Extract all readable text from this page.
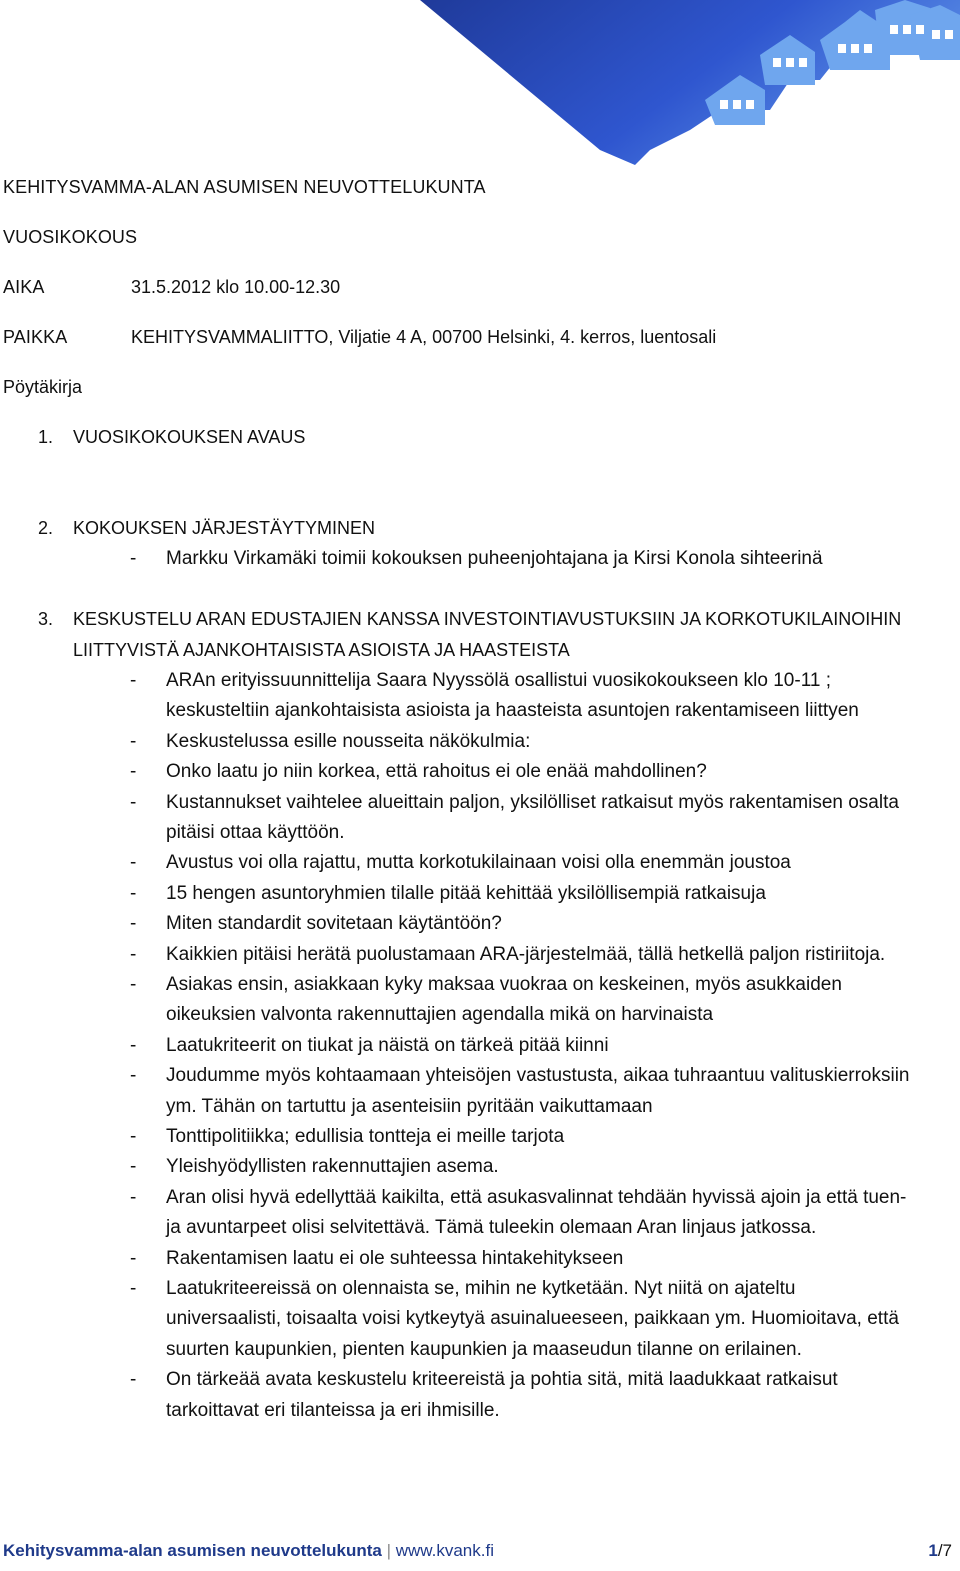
KEHITYSVAMMA-ALAN ASUMISEN NEUVOTTELUKUNTA
VUOSIKOKOUS
AIKA	31.5.2012 klo 10.00-12.30
PAIKKA	KEHITYSVAMMALIITTO, Viljatie 4 A, 00700 Helsinki, 4. kerros, luentosali
Pöytäkirja
1. VUOSIKOKOUKSEN AVAUS
2. KOKOUKSEN JÄRJESTÄYTYMINEN
- Markku Virkamäki toimii kokouksen puheenjohtajana ja Kirsi Konola sihteerinä
3. KESKUSTELU ARAN EDUSTAJIEN KANSSA INVESTOINTIAVUSTUKSIIN JA KORKOTUKILAINOIHIN
LIITTYVISTÄ AJANKOHTAISISTA ASIOISTA JA HAASTEISTA
- ARAn erityissuunnittelija Saara Nyyssölä osallistui vuosikokoukseen klo 10-11 ;
keskusteltiin ajankohtaisista asioista ja haasteista asuntojen rakentamiseen liittyen
- Keskustelussa esille nousseita näkökulmia:
- Onko laatu jo niin korkea, että rahoitus ei ole enää mahdollinen?
- Kustannukset vaihtelee alueittain paljon, yksilölliset ratkaisut myös rakentamisen osalta
pitäisi ottaa käyttöön.
- Avustus voi olla rajattu, mutta korkotukilainaan voisi olla enemmän joustoa
- 15 hengen asuntoryhmien tilalle pitää kehittää yksilöllisempiä ratkaisuja
- Miten standardit sovitetaan käytäntöön?
- Kaikkien pitäisi herätä puolustamaan ARA-järjestelmää, tällä hetkellä paljon ristiriitoja.
- Asiakas ensin, asiakkaan kyky maksaa vuokraa on keskeinen, myös asukkaiden
oikeuksien valvonta rakennuttajien agendalla mikä on harvinaista
- Laatukriteerit on tiukat ja näistä on tärkeä pitää kiinni
- Joudumme myös kohtaamaan yhteisöjen vastustusta, aikaa tuhraantuu valituskierroksiin
ym. Tähän on tartuttu ja asenteisiin pyritään vaikuttamaan
- Tonttipolitiikka; edullisia tontteja ei meille tarjota
- Yleishyödyllisten rakennuttajien asema.
- Aran olisi hyvä edellyttää kaikilta, että asukasvalinnat tehdään hyvissä ajoin ja että tuen-
ja avuntarpeet olisi selvitettävä. Tämä tuleekin olemaan Aran linjaus jatkossa.
- Rakentamisen laatu ei ole suhteessa hintakehitykseen
- Laatukriteereissä on olennaista se, mihin ne kytketään. Nyt niitä on ajateltu
universaalisti, toisaalta voisi kytkeytyä asuinalueeseen, paikkaan ym. Huomioitava, että
suurten kaupunkien, pienten kaupunkien ja maaseudun tilanne on erilainen.
- On tärkeää avata keskustelu kriteereistä ja pohtia sitä, mitä laadukkaat ratkaisut
tarkoittavat eri tilanteissa ja eri ihmisille.
Kehitysvamma-alan asumisen neuvottelukunta | www.kvank.fi	1/7
